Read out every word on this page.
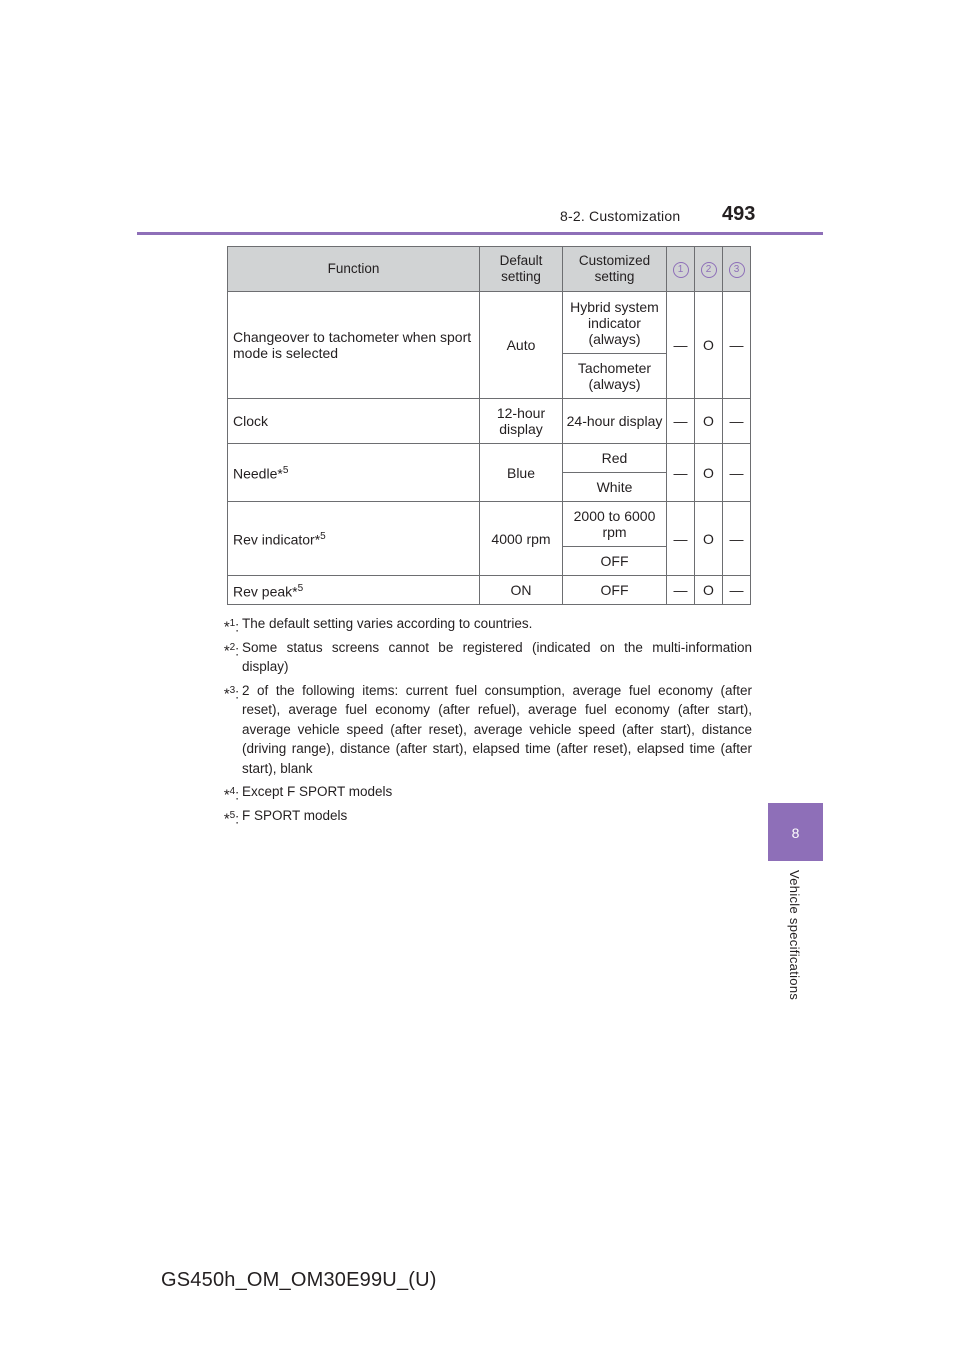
8-2. Customization 493
8
Vehicle specifications
Function	Default setting	Customized setting	1	2	3
Changeover to tachometer when sport mode is selected	Auto	Hybrid system indicator (always)	—	O	—
		Tachometer (always)			
Clock	12-hour display	24-hour display	—	O	—
Needle*$^5$	Blue	Red	—	O	—
		White			
Rev indicator*$^5$	4000 rpm	2000 to 6000 rpm	—	O	—
		OFF			
Rev peak*$^5$	ON	OFF	—	O	—
*$^1$: The default setting varies according to countries.
*$^2$: Some status screens cannot be registered (indicated on the multi-information display)
*$^3$: 2 of the following items: current fuel consumption, average fuel economy (after reset), average fuel economy (after refuel), average fuel economy (after start), average vehicle speed (after reset), average vehicle speed (after start), distance (driving range), distance (after start), elapsed time (after reset), elapsed time (after start), blank
*$^4$: Except F SPORT models
*$^5$: F SPORT models
GS450h_OM_OM30E99U_(U)
